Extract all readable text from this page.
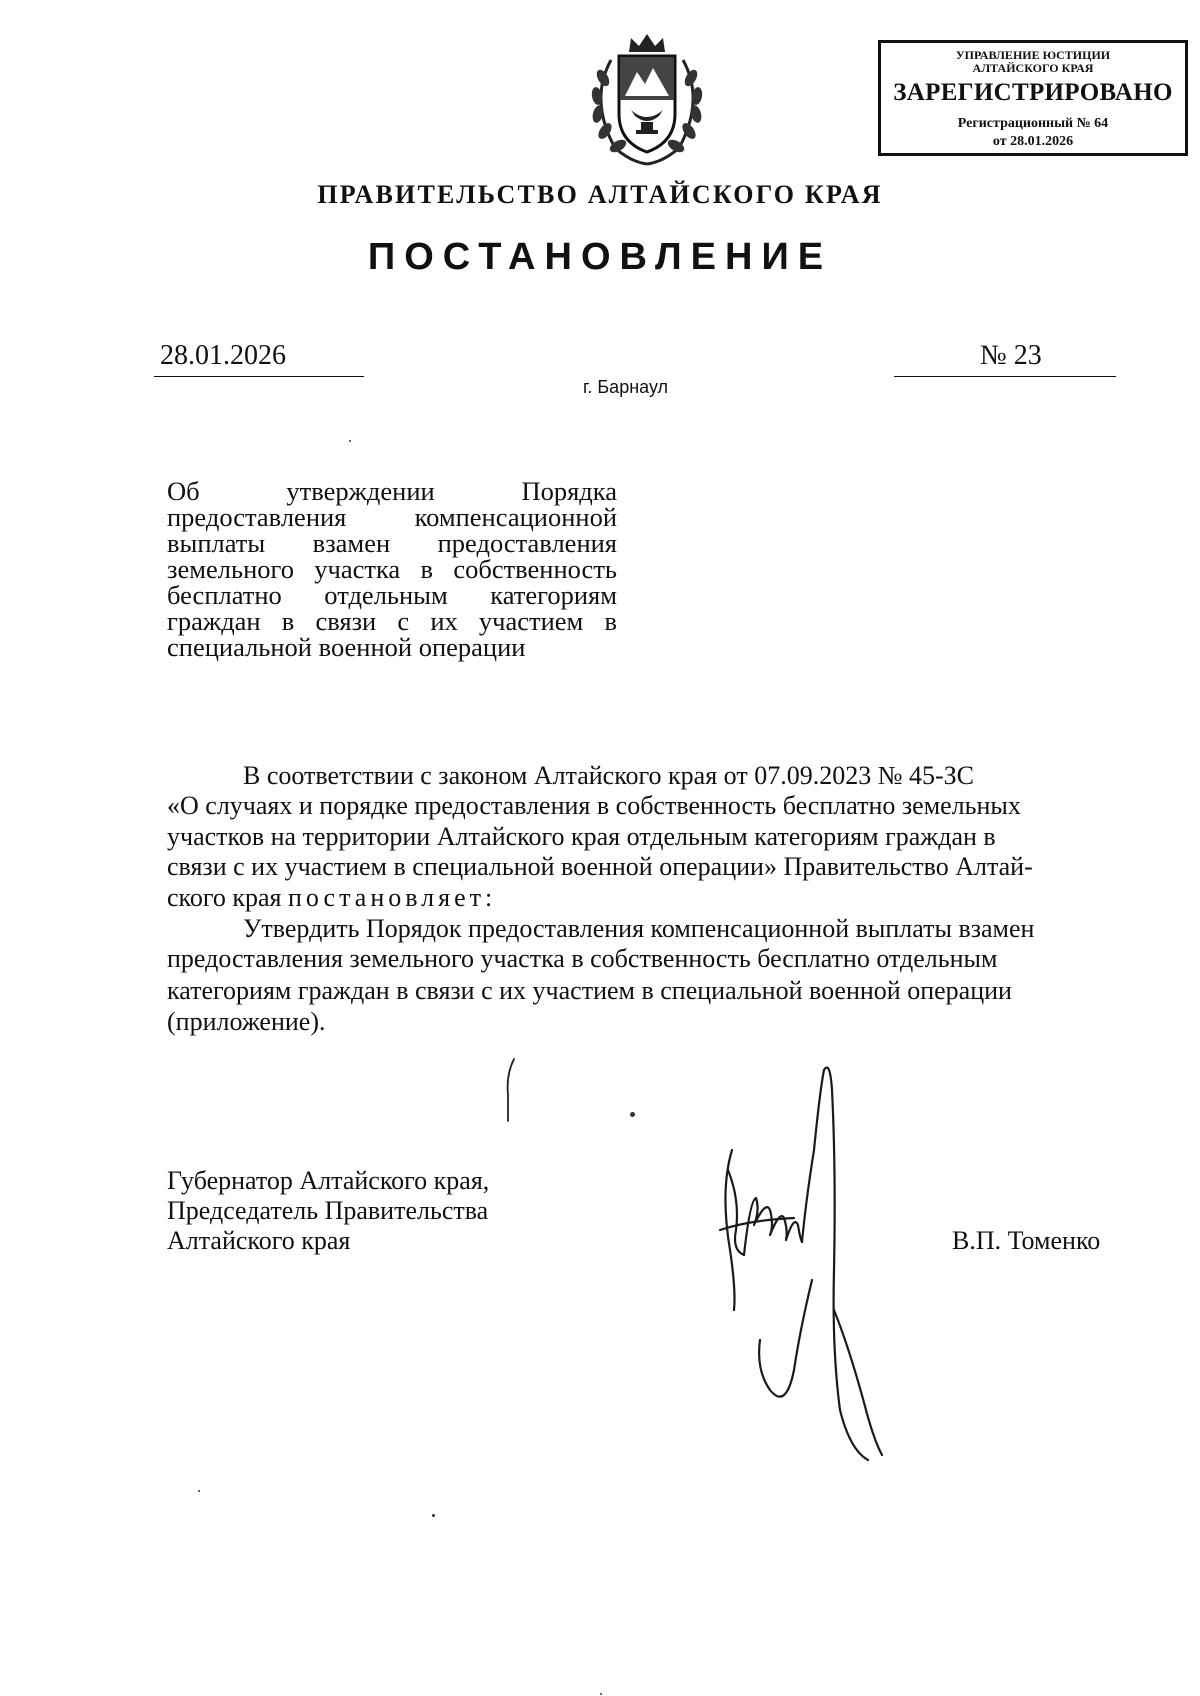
УПРАВЛЕНИЕ ЮСТИЦИИ
АЛТАЙСКОГО КРАЯ
ЗАРЕГИСТРИРОВАНО
Регистрационный № 64
от 28.01.2026
ПРАВИТЕЛЬСТВО АЛТАЙСКОГО КРАЯ
ПОСТАНОВЛЕНИЕ
28.01.2026	№ 23
г. Барнаул
Об утверждении Порядка предоставления компенсационной выплаты взамен предоставления земельного участка в собственность бесплатно отдельным категориям граждан в связи с их участием в специальной военной операции
В соответствии с законом Алтайского края от 07.09.2023 № 45-ЗС
«О случаях и порядке предоставления в собственность бесплатно земельных
участков на территории Алтайского края отдельным категориям граждан в
связи с их участием в специальной военной операции» Правительство Алтай-
ского края постановляет:
Утвердить Порядок предоставления компенсационной выплаты взамен
предоставления земельного участка в собственность бесплатно отдельным
категориям граждан в связи с их участием в специальной военной операции
(приложение).
Губернатор Алтайского края,
Председатель Правительства
Алтайского края	В.П. Томенко
